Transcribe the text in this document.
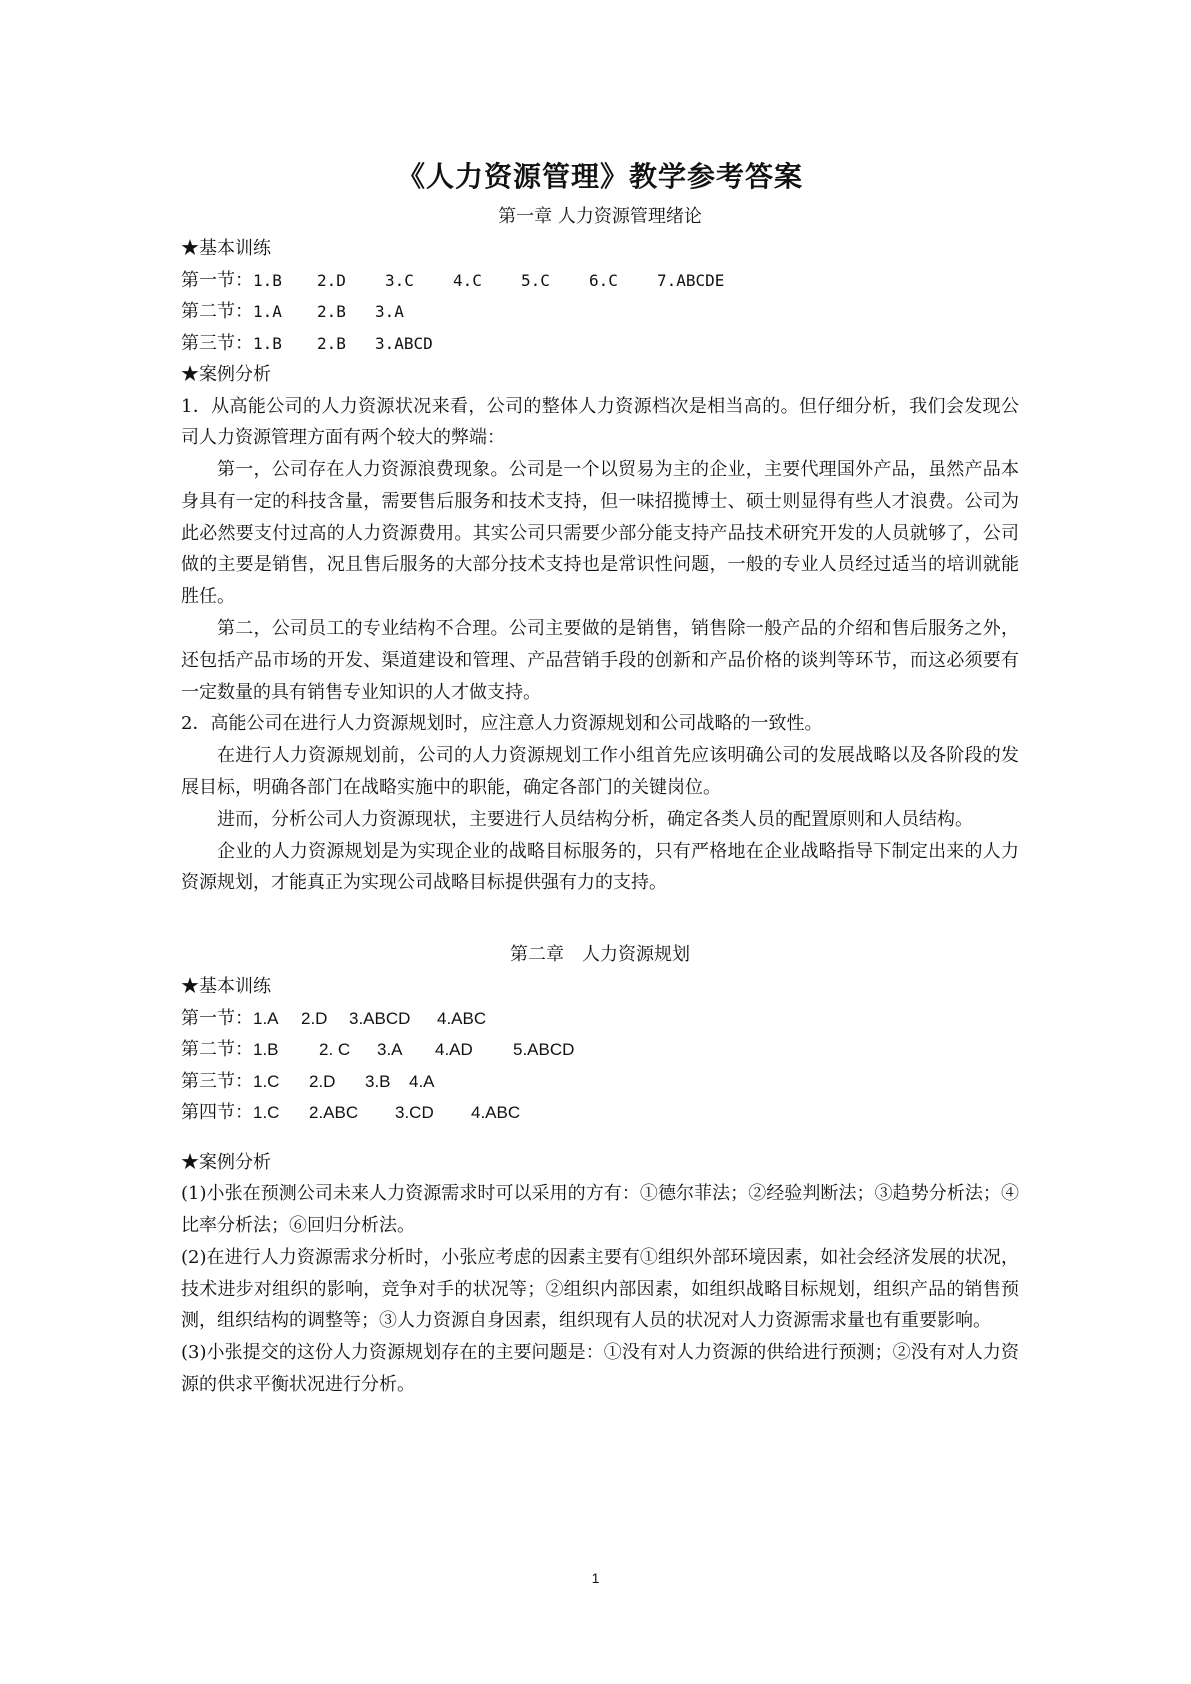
《人力资源管理》教学参考答案

第一章 人力资源管理绪论

★基本训练

第一节：1.B 2.D 3.C 4.C 5.C 6.C 7.ABCDE

第二节：1.A 2.B 3.A

第三节：1.B 2.B 3.ABCD

★案例分析

1．从高能公司的人力资源状况来看，公司的整体人力资源档次是相当高的。但仔细分析，我们会发现公司人力资源管理方面有两个较大的弊端：

第一，公司存在人力资源浪费现象。公司是一个以贸易为主的企业，主要代理国外产品，虽然产品本身具有一定的科技含量，需要售后服务和技术支持，但一味招揽博士、硕士则显得有些人才浪费。公司为此必然要支付过高的人力资源费用。其实公司只需要少部分能支持产品技术研究开发的人员就够了，公司做的主要是销售，况且售后服务的大部分技术支持也是常识性问题，一般的专业人员经过适当的培训就能胜任。

第二，公司员工的专业结构不合理。公司主要做的是销售，销售除一般产品的介绍和售后服务之外，还包括产品市场的开发、渠道建设和管理、产品营销手段的创新和产品价格的谈判等环节，而这必须要有一定数量的具有销售专业知识的人才做支持。

2．高能公司在进行人力资源规划时，应注意人力资源规划和公司战略的一致性。

在进行人力资源规划前，公司的人力资源规划工作小组首先应该明确公司的发展战略以及各阶段的发展目标，明确各部门在战略实施中的职能，确定各部门的关键岗位。

进而，分析公司人力资源现状，主要进行人员结构分析，确定各类人员的配置原则和人员结构。

企业的人力资源规划是为实现企业的战略目标服务的，只有严格地在企业战略指导下制定出来的人力资源规划，才能真正为实现公司战略目标提供强有力的支持。

第二章　人力资源规划

★基本训练

第一节：1.A 2.D 3.ABCD 4.ABC

第二节：1.B 2. C 3.A 4.AD 5.ABCD

第三节：1.C 2.D 3.B 4.A

第四节：1.C 2.ABC 3.CD 4.ABC

★案例分析

(1)小张在预测公司未来人力资源需求时可以采用的方有：①德尔菲法；②经验判断法；③趋势分析法；④比率分析法；⑥回归分析法。

(2)在进行人力资源需求分析时，小张应考虑的因素主要有①组织外部环境因素，如社会经济发展的状况，技术进步对组织的影响，竞争对手的状况等；②组织内部因素，如组织战略目标规划，组织产品的销售预测，组织结构的调整等；③人力资源自身因素，组织现有人员的状况对人力资源需求量也有重要影响。

(3)小张提交的这份人力资源规划存在的主要问题是：①没有对人力资源的供给进行预测；②没有对人力资源的供求平衡状况进行分析。

1
